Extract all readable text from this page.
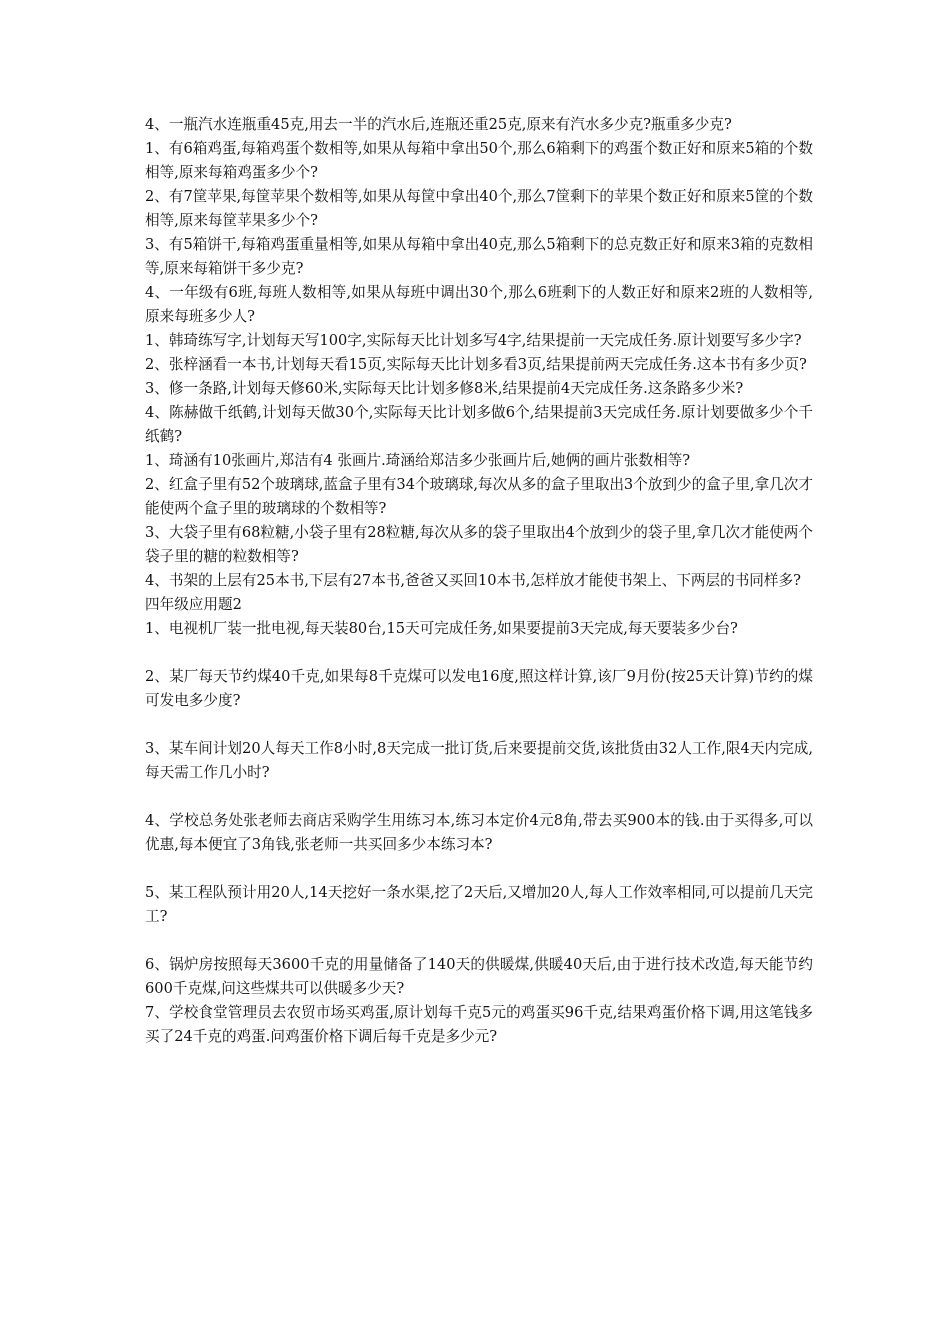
4、一瓶汽水连瓶重45克,用去一半的汽水后,连瓶还重25克,原来有汽水多少克?瓶重多少克?

1、有6箱鸡蛋,每箱鸡蛋个数相等,如果从每箱中拿出50个,那么6箱剩下的鸡蛋个数正好和原来5箱的个数相等,原来每箱鸡蛋多少个?

2、有7筐苹果,每筐苹果个数相等,如果从每筐中拿出40个,那么7筐剩下的苹果个数正好和原来5筐的个数相等,原来每筐苹果多少个?

3、有5箱饼干,每箱鸡蛋重量相等,如果从每箱中拿出40克,那么5箱剩下的总克数正好和原来3箱的克数相等,原来每箱饼干多少克?

4、一年级有6班,每班人数相等,如果从每班中调出30个,那么6班剩下的人数正好和原来2班的人数相等,原来每班多少人?

1、韩琦练写字,计划每天写100字,实际每天比计划多写4字,结果提前一天完成任务.原计划要写多少字?

2、张梓涵看一本书,计划每天看15页,实际每天比计划多看3页,结果提前两天完成任务.这本书有多少页?

3、修一条路,计划每天修60米,实际每天比计划多修8米,结果提前4天完成任务.这条路多少米?

4、陈赫做千纸鹤,计划每天做30个,实际每天比计划多做6个,结果提前3天完成任务.原计划要做多少个千纸鹤?

1、琦涵有10张画片,郑洁有4 张画片.琦涵给郑洁多少张画片后,她俩的画片张数相等?

2、红盒子里有52个玻璃球,蓝盒子里有34个玻璃球,每次从多的盒子里取出3个放到少的盒子里,拿几次才能使两个盒子里的玻璃球的个数相等?

3、大袋子里有68粒糖,小袋子里有28粒糖,每次从多的袋子里取出4个放到少的袋子里,拿几次才能使两个袋子里的糖的粒数相等?

4、书架的上层有25本书,下层有27本书,爸爸又买回10本书,怎样放才能使书架上、下两层的书同样多?

四年级应用题2

1、电视机厂装一批电视,每天装80台,15天可完成任务,如果要提前3天完成,每天要装多少台?

2、某厂每天节约煤40千克,如果每8千克煤可以发电16度,照这样计算,该厂9月份(按25天计算)节约的煤可发电多少度?

3、某车间计划20人每天工作8小时,8天完成一批订货,后来要提前交货,该批货由32人工作,限4天内完成,每天需工作几小时?

4、学校总务处张老师去商店采购学生用练习本,练习本定价4元8角,带去买900本的钱.由于买得多,可以优惠,每本便宜了3角钱,张老师一共买回多少本练习本?

5、某工程队预计用20人,14天挖好一条水渠,挖了2天后,又增加20人,每人工作效率相同,可以提前几天完工?

6、锅炉房按照每天3600千克的用量储备了140天的供暖煤,供暖40天后,由于进行技术改造,每天能节约600千克煤,问这些煤共可以供暖多少天?

7、学校食堂管理员去农贸市场买鸡蛋,原计划每千克5元的鸡蛋买96千克,结果鸡蛋价格下调,用这笔钱多买了24千克的鸡蛋.问鸡蛋价格下调后每千克是多少元?
